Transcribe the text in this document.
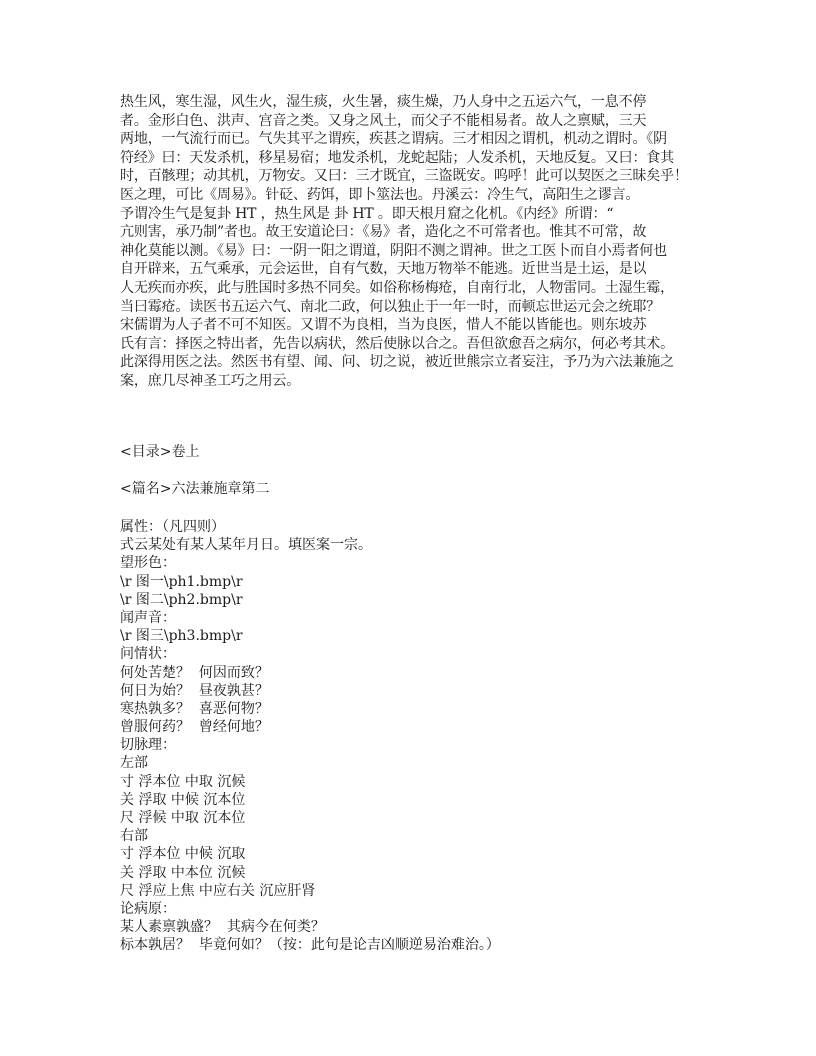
热生风，寒生湿，风生火，湿生痰，火生暑，痰生燥，乃人身中之五运六气，一息不停
者。金形白色、洪声、宫音之类。又身之风土，而父子不能相易者。故人之禀赋，三天
两地，一气流行而已。气失其平之谓疾，疾甚之谓病。三才相因之谓机，机动之谓时。《阴
符经》曰：天发杀机，移星易宿；地发杀机，龙蛇起陆；人发杀机，天地反复。又曰：食其
时，百骸理；动其机，万物安。又曰：三才既宜，三盗既安。呜呼！此可以契医之三昧矣乎！
医之理，可比《周易》。针砭、药饵，即卜筮法也。丹溪云：冷生气，高阳生之谬言。
予谓冷生气是复卦 HT ，热生风是 卦 HT 。即天根月窟之化机。《内经》所谓：“
亢则害，承乃制”者也。故王安道论曰：《易》者，造化之不可常者也。惟其不可常，故
神化莫能以测。《易》曰：一阴一阳之谓道，阴阳不测之谓神。世之工医卜而自小焉者何也
自开辟来，五气乘承，元会运世，自有气数，天地万物举不能逃。近世当是土运，是以
人无疾而亦疾，此与胜国时多热不同矣。如俗称杨梅疮，自南行北，人物雷同。土湿生霉，
当曰霉疮。读医书五运六气、南北二政，何以独止于一年一时，而顿忘世运元会之统耶？
宋儒谓为人子者不可不知医。又谓不为良相，当为良医，惜人不能以皆能也。则东坡苏
氏有言：择医之特出者，先告以病状，然后使脉以合之。吾但欲愈吾之病尔，何必考其术。
此深得用医之法。然医书有望、闻、问、切之说，被近世熊宗立者妄注，予乃为六法兼施之
案，庶几尽神圣工巧之用云。
<目录>卷上
<篇名>六法兼施章第二
属性：（凡四则）
式云某处有某人某年月日。填医案一宗。
望形色：
\r 图一\ph1.bmp\r
\r 图二\ph2.bmp\r
闻声音：
\r 图三\ph3.bmp\r
问情状：
何处苦楚？  何因而致？
何日为始？  昼夜孰甚？
寒热孰多？  喜恶何物？
曾服何药？  曾经何地？
切脉理：
左部
寸 浮本位 中取 沉候
关 浮取 中候 沉本位
尺 浮候 中取 沉本位
右部
寸 浮本位 中候 沉取
关 浮取 中本位 沉候
尺 浮应上焦 中应右关 沉应肝肾
论病原：
某人素禀孰盛？  其病今在何类？
标本孰居？  毕竟何如？（按：此句是论吉凶顺逆易治难治。）
